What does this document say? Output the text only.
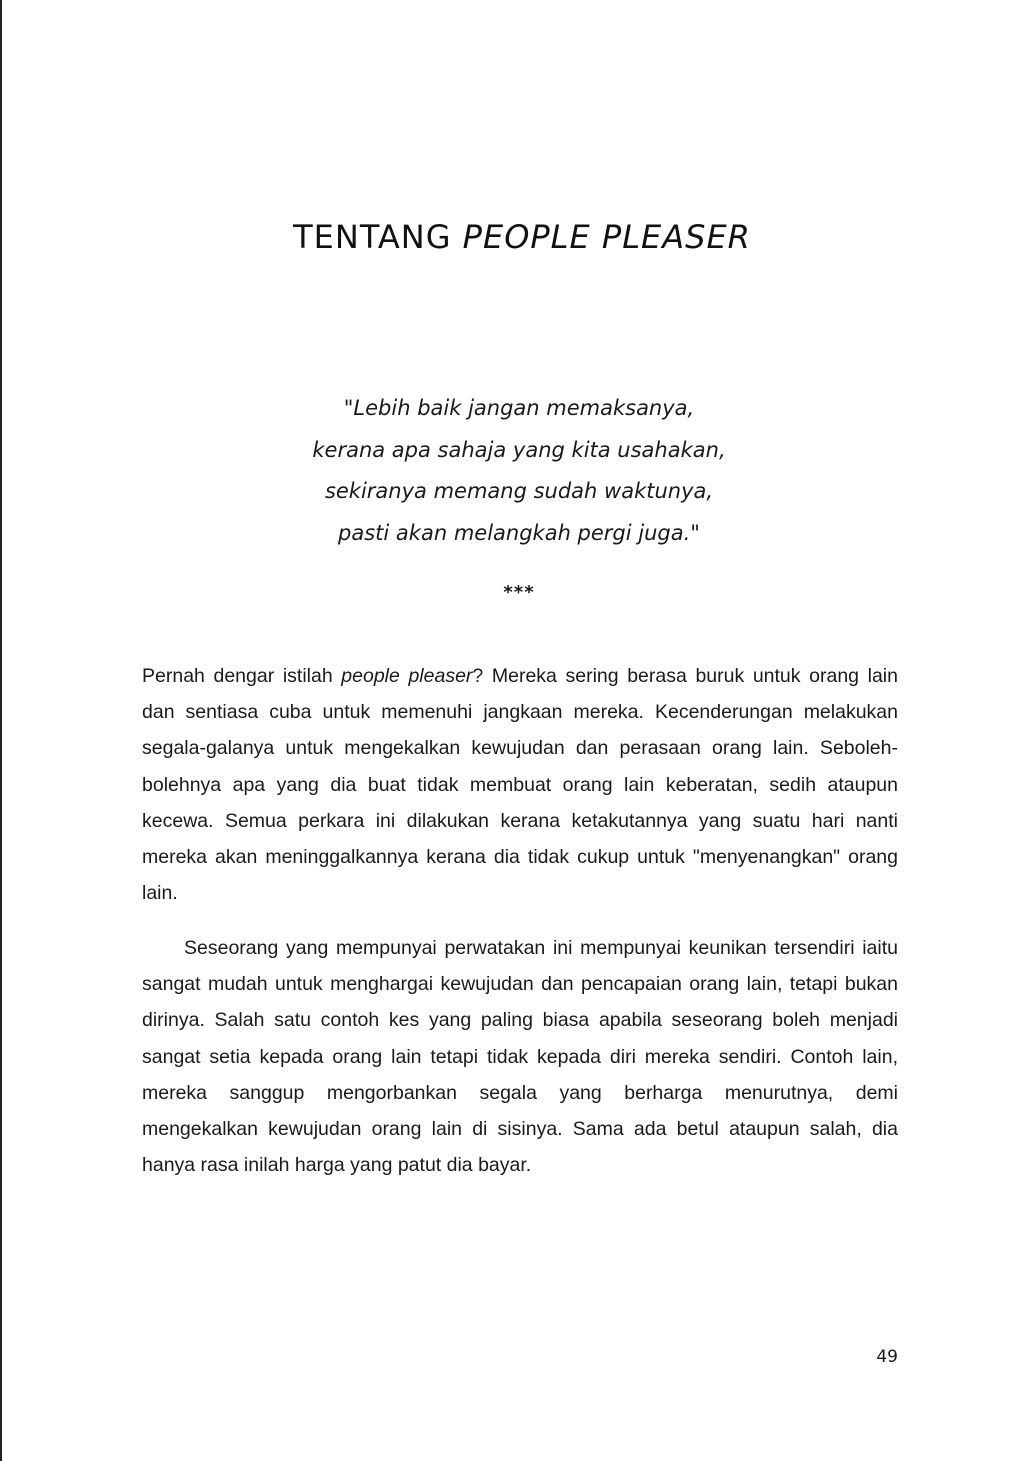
TENTANG PEOPLE PLEASER
"Lebih baik jangan memaksanya,
kerana apa sahaja yang kita usahakan,
sekiranya memang sudah waktunya,
pasti akan melangkah pergi juga."
***

Pernah dengar istilah people pleaser? Mereka sering berasa buruk untuk orang lain dan sentiasa cuba untuk memenuhi jangkaan mereka. Kecenderungan melakukan segala-galanya untuk mengekalkan kewujudan dan perasaan orang lain. Seboleh-bolehnya apa yang dia buat tidak membuat orang lain keberatan, sedih ataupun kecewa. Semua perkara ini dilakukan kerana ketakutannya yang suatu hari nanti mereka akan meninggalkannya kerana dia tidak cukup untuk "menyenangkan" orang lain.

Seseorang yang mempunyai perwatakan ini mempunyai keunikan tersendiri iaitu sangat mudah untuk menghargai kewujudan dan pencapaian orang lain, tetapi bukan dirinya. Salah satu contoh kes yang paling biasa apabila seseorang boleh menjadi sangat setia kepada orang lain tetapi tidak kepada diri mereka sendiri. Contoh lain, mereka sanggup mengorbankan segala yang berharga menurutnya, demi mengekalkan kewujudan orang lain di sisinya. Sama ada betul ataupun salah, dia hanya rasa inilah harga yang patut dia bayar.

49
